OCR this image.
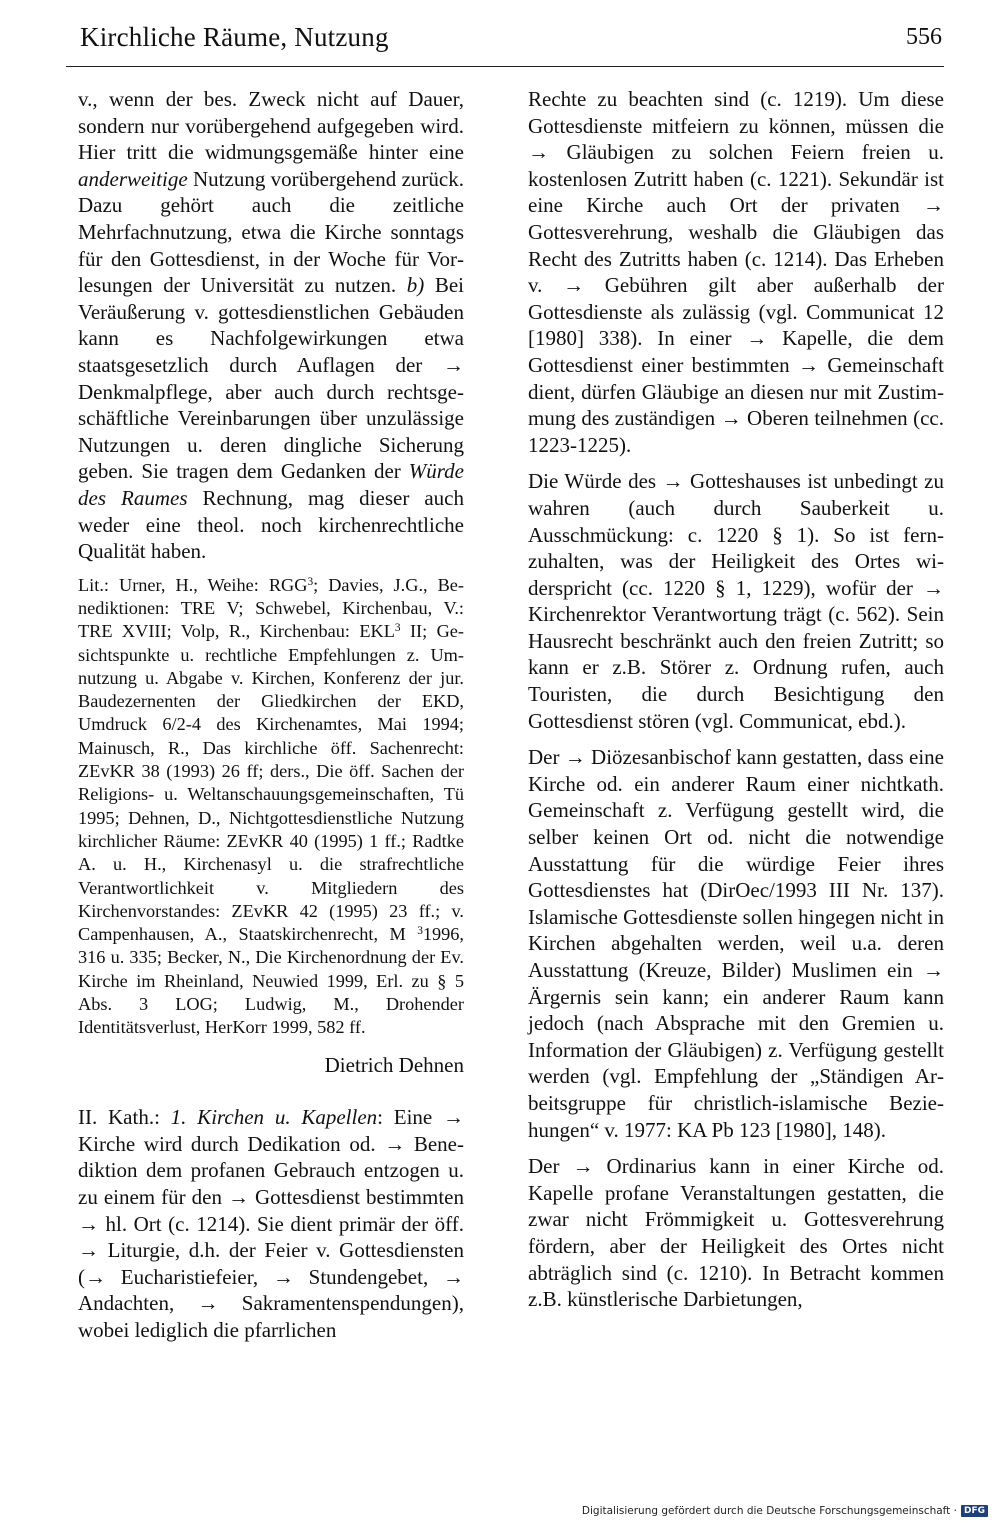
Kirchliche Räume, Nutzung	556

v., wenn der bes. Zweck nicht auf Dauer, sondern nur vorübergehend aufgegeben wird. Hier tritt die widmungsgemäße hinter eine anderweitige Nutzung vorübergehend zurück. Dazu gehört auch die zeitliche Mehrfachnutzung, etwa die Kirche sonntags für den Gottesdienst, in der Woche für Vorlesungen der Universität zu nutzen. b) Bei Veräußerung v. gottesdienstlichen Gebäuden kann es Nachfolgewirkungen etwa staatsgesetzlich durch Auflagen der → Denkmalpflege, aber auch durch rechtsgeschäftliche Vereinbarungen über unzulässige Nutzungen u. deren dingliche Sicherung geben. Sie tragen dem Gedanken der Würde des Raumes Rechnung, mag dieser auch weder eine theol. noch kirchenrechtliche Qualität haben.

Lit.: Urner, H., Weihe: RGG$^3$; Davies, J.G., Benediktionen: TRE V; Schwebel, Kirchenbau, V.: TRE XVIII; Volp, R., Kirchenbau: EKL$^3$ II; Gesichtspunkte u. rechtliche Empfehlungen z. Umnutzung u. Abgabe v. Kirchen, Konferenz der jur. Baudezernenten der Gliedkirchen der EKD, Umdruck 6/2-4 des Kirchenamtes, Mai 1994; Mainusch, R., Das kirchliche öff. Sachenrecht: ZEvKR 38 (1993) 26 ff; ders., Die öff. Sachen der Religions- u. Weltanschauungsgemeinschaften, Tü 1995; Dehnen, D., Nichtgottesdienstliche Nutzung kirchlicher Räume: ZEvKR 40 (1995) 1 ff.; Radtke A. u. H., Kirchenasyl u. die strafrechtliche Verantwortlichkeit v. Mitgliedern des Kirchenvorstandes: ZEvKR 42 (1995) 23 ff.; v. Campenhausen, A., Staatskirchenrecht, M $^3$1996, 316 u. 335; Becker, N., Die Kirchenordnung der Ev. Kirche im Rheinland, Neuwied 1999, Erl. zu § 5 Abs. 3 LOG; Ludwig, M., Drohender Identitätsverlust, HerKorr 1999, 582 ff.

Dietrich Dehnen

II. Kath.: 1. Kirchen u. Kapellen: Eine → Kirche wird durch Dedikation od. → Benediktion dem profanen Gebrauch entzogen u. zu einem für den → Gottesdienst bestimmten → hl. Ort (c. 1214). Sie dient primär der öff. → Liturgie, d.h. der Feier v. Gottesdiensten (→ Eucharistiefeier, → Stundengebet, → Andachten, → Sakramentenspendungen), wobei lediglich die pfarrlichen

Rechte zu beachten sind (c. 1219). Um diese Gottesdienste mitfeiern zu können, müssen die → Gläubigen zu solchen Feiern freien u. kostenlosen Zutritt haben (c. 1221). Sekundär ist eine Kirche auch Ort der privaten → Gottesverehrung, weshalb die Gläubigen das Recht des Zutritts haben (c. 1214). Das Erheben v. → Gebühren gilt aber außerhalb der Gottesdienste als zulässig (vgl. Communicat 12 [1980] 338). In einer → Kapelle, die dem Gottesdienst einer bestimmten → Gemeinschaft dient, dürfen Gläubige an diesen nur mit Zustimmung des zuständigen → Oberen teilnehmen (cc. 1223-1225).

Die Würde des → Gotteshauses ist unbedingt zu wahren (auch durch Sauberkeit u. Ausschmückung: c. 1220 § 1). So ist fernzuhalten, was der Heiligkeit des Ortes widerspricht (cc. 1220 § 1, 1229), wofür der → Kirchenrektor Verantwortung trägt (c. 562). Sein Hausrecht beschränkt auch den freien Zutritt; so kann er z.B. Störer z. Ordnung rufen, auch Touristen, die durch Besichtigung den Gottesdienst stören (vgl. Communicat, ebd.).

Der → Diözesanbischof kann gestatten, dass eine Kirche od. ein anderer Raum einer nichtkath. Gemeinschaft z. Verfügung gestellt wird, die selber keinen Ort od. nicht die notwendige Ausstattung für die würdige Feier ihres Gottesdienstes hat (DirOec/1993 III Nr. 137). Islamische Gottesdienste sollen hingegen nicht in Kirchen abgehalten werden, weil u.a. deren Ausstattung (Kreuze, Bilder) Muslimen ein → Ärgernis sein kann; ein anderer Raum kann jedoch (nach Absprache mit den Gremien u. Information der Gläubigen) z. Verfügung gestellt werden (vgl. Empfehlung der „Ständigen Arbeitsgruppe für christlich-islamische Beziehungen“ v. 1977: KA Pb 123 [1980], 148).

Der → Ordinarius kann in einer Kirche od. Kapelle profane Veranstaltungen gestatten, die zwar nicht Frömmigkeit u. Gottesverehrung fördern, aber der Heiligkeit des Ortes nicht abträglich sind (c. 1210). In Betracht kommen z.B. künstlerische Darbietungen,

Digitalisierung gefördert durch die Deutsche Forschungsgemeinschaft · DFG
